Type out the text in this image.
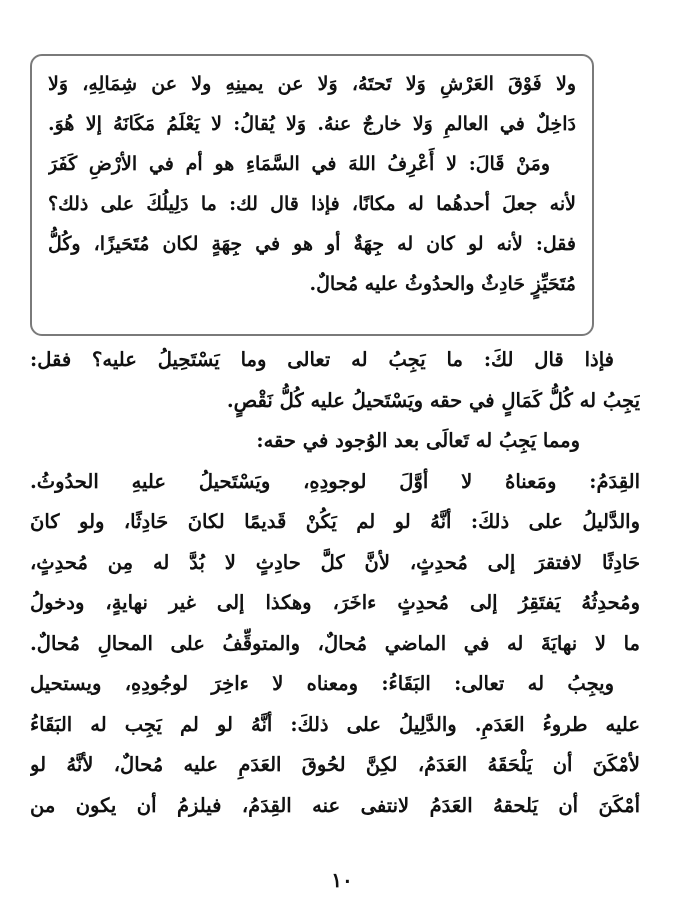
ولا فَوْقَ العَرْشِ وَلا تَحتَهُ، وَلا عن يمينِهِ ولا عن شِمَالِهِ، وَلا
دَاخِلٌ في العالمِ وَلا خارجٌ عنهُ. وَلا يُقالُ: لا يَعْلَمُ مَكَانَهُ إلا هُوَ.
ومَنْ قَالَ: لا أَعْرِفُ اللهَ في السَّمَاءِ هو أم في الأرْضِ كَفَرَ
لأنه جعلَ أحدهُما له مكانًا، فإذا قال لك: ما دَلِيلُكَ على ذلك؟
فقل: لأنه لو كان له جِهَةٌ أو هو في جِهَةٍ لكان مُتَحَيزًا، وكُلُّ
مُتَحَيِّزٍ حَادِثٌ والحدُوثُ عليه مُحالٌ.
فإذا قال لكَ: ما يَجِبُ له تعالى وما يَسْتَحِيلُ عليه؟ فقل:
يَجِبُ له كُلُّ كَمَالٍ في حقه ويَسْتَحيلُ عليه كُلُّ نَقْصٍ.
ومما يَجِبُ له تَعالَى بعد الوُجود في حقه:
القِدَمُ: ومَعناهُ لا أوَّلَ لوجودِهِ، ويَسْتَحيلُ عليهِ الحدُوثُ.
والدَّليلُ على ذلكَ: أنَّهُ لو لم يَكُنْ قَديمًا لكانَ حَادِثًا، ولو كانَ
حَادِثًا لافتقرَ إلى مُحدِثٍ، لأنَّ كلَّ حادِثٍ لا بُدَّ له مِن مُحدِثٍ،
ومُحدِثُهُ يَفتَقِرُ إلى مُحدِثٍ ءاخَرَ، وهكذا إلى غير نهايةٍ، ودخولُ
ما لا نهايَةَ له في الماضي مُحالٌ، والمتوقِّفُ على المحالِ مُحالٌ.
ويجِبُ له تعالى: البَقَاءُ: ومعناه لا ءاخِرَ لوجُودِهِ، ويستحيل
عليه طروءُ العَدَمِ. والدَّلِيلُ على ذلكَ: أنَّهُ لو لم يَجِب له البَقَاءُ
لأمْكَنَ أن يَلْحَقَهُ العَدَمُ، لكِنَّ لحُوقَ العَدَمِ عليه مُحالٌ، لأنَّهُ لو
أمْكَنَ أن يَلحقهُ العَدَمُ لانتفى عنه القِدَمُ، فيلزمُ أن يكون من
١٠
